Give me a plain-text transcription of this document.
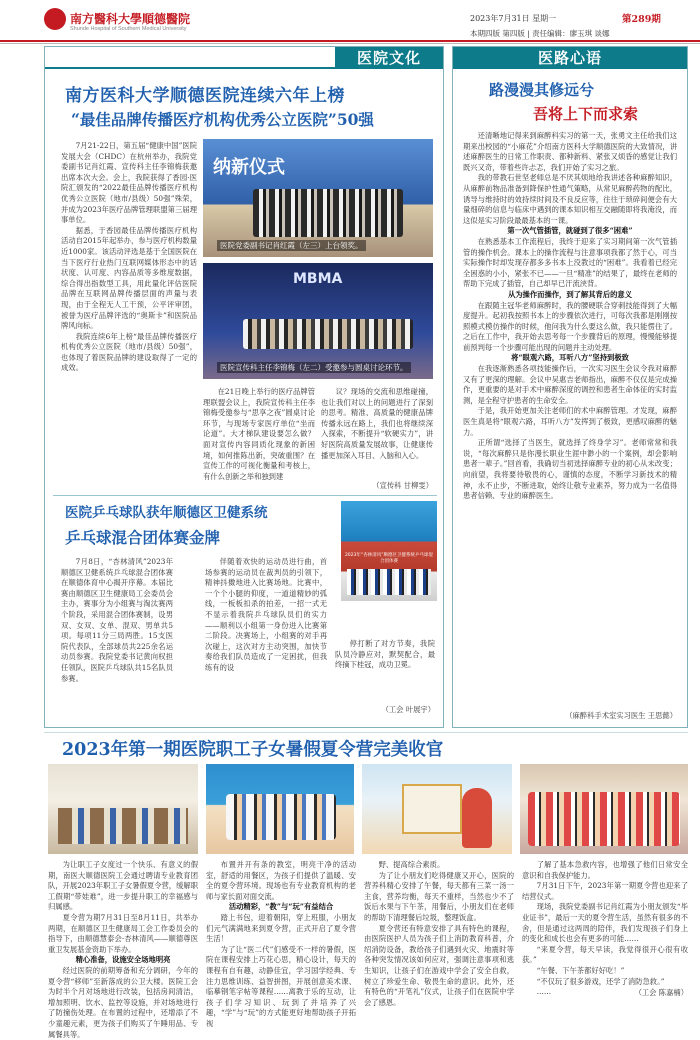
南方醫科大學順德醫院
Shunde Hospital of Southern Medical University
2023年7月31日 星期一	第289期
本期四版 第四版 | 责任编辑：廖玉琪 谈娜
医院文化
南方医科大学顺德医院连续六年上榜
“最佳品牌传播医疗机构优秀公立医院”50强

7月21-22日，第五届“健康中国”医院发展大会（CHDC）在杭州举办，我院党委副书记肖红霞、宣传科主任李锦梅获邀出席本次大会。会上，我院获得了香园·医院汇颁发的“2022最佳品牌传播医疗机构优秀公立医院（地市/县级）50强”殊荣，并成为2023年医疗品牌管理联盟第三届理事单位。

据悉，于香园最佳品牌传播医疗机构活动自2015年起举办，参与医疗机构数量近1000家。该活动评选是基于全国医院在当下医疗行业热门互联网媒体形态中的话状度、认可度、内容品质等多维度数据，综合得出指数型工具，用此量化评估医院品牌在互联网品牌传播层面的声量与表现，由于全程无人工干预，公平评审团，被誉为医疗品牌评选的“奥斯卡”和医院品牌风向标。

我院连续6年上榜“最佳品牌传播医疗机构优秀公立医院（地市/县级）50强”，也体现了着医院品牌的建设取得了一定的成效。

纳新仪式
医院党委副书记肖红霞（左三）上台领奖。
MBMA
医院宣传科主任李锦梅（左二）受邀参与圆桌讨论环节。

在21日晚上举行的医疗品牌管理联盟会议上，我院宣传科主任李锦梅受邀参与“思享之夜”圆桌讨论环节，与现场专家医疗单位“坐而论道”。大才梯队建设要怎么做？面对宣传内容同质化现象的新困境，如何推陈出新，突破重围？在宣传工作的可视化衡量和考核上，有什么创新之举和独到建

议？现场的交流和思维碰撞，也让我们对以上的问题进行了深刻的思考。精准、高质量的健康品牌传播永远在路上，我们也将继续深入探索，不断提升“软硬实力”，讲好医院高质量发展故事，让健康传播更加深入耳目、入脑和入心。

（宣传科 甘柳雯）
医院乒乓球队获年顺德区卫健系统
乒乓球混合团体赛金牌
2023年“杏林清风”顺德区卫健系统乒乓球混合团体赛

7月8日，“杏林清风”2023年顺德区卫健系统乒乓球混合团体赛在顺德体育中心揭开序幕。本届比赛由顺德区卫生健康局工会委员会主办，赛事分为小组赛与淘汰赛两个阶段，采用混合团体赛制，设男双、女双、女单、混双、男单共5项。每项11分三局两胜。15支医院代表队，全部球员共225余名运动员参赛。我院党委书记黄向权担任领队，医院乒乓球队共15名队员参赛。

伴随着欢快的运动员进行曲，首场参赛的运动员在裁判员的引领下，精神抖擞地进入比赛场地。比赛中，一个个小腿的仰度，一道道精妙的弧线，一板板扣杀的拍差，一招一式无不显示着我院乒乓球队员们的实力——顺利以小组第一身份进入比赛第二阶段。决赛场上，小组赛的对手再次碰上，这次对方主动突围，加快节奏给我们队员造成了一定困扰，但我练有的设

停打断了对方节奏，我院队员冷静应对，默契配合，最终摘下桂冠，成功卫冕。

（工会 叶展宇）
医路心语
路漫漫其修远兮
吾将上下而求索

还清晰地记得来到麻醉科实习的第一天，张勇文主任给我们这期来出校园的“小麻花”介绍南方医科大学顺德医院的大致情况，讲述麻醉医生的日常工作职责、都种新料、紧张又烦昏的感觉让我们既兴又奇，带着些许忐忑，我们开始了实习之旅。

我的带教石世坚老师总是不厌其烦地给我讲述各种麻醉知识，从麻醉前物品准备到降保护性通气策略，从常见麻醉药物的配比，诱导与维持时的效持续时间及不良反应等，往往于琐碎间便会有大量细碎的信息与临床中遇到的课本知识相互交融随即将我淹没，而这似是实习阶段最最基本的一课。

第一次气管插管，就碰到了很多“困难”

在熟悉基本工作流程后，我终于迎来了实习期间第一次气管插管的操作机会。课本上的操作流程与注意事项我都了然于心，可当实际操作时却发现存都多多书本上没教过的“困难”。我看着已经完全困惑的小小，紧张不已——一旦“精准”的结果了，最终在老师的帮助下完成了插管，自己却早已汗流浃背。

从为操作而操作，到了解其背后的意义

在跟随主冠华老师麻醉时，我的腰硬联合穿刺技能得到了大幅度提升。起初我按照书本上的步骤依次进行，可每次我都是刚刚按照模式模仿操作的时候，他问我为什么要这么做，我只能愣住了。之后在工作中，我开始去思考每一个步骤背后的原理，慢慢能够提前预判每一个步骤可能出现的问题并主动处理。

将“眼观六路，耳听八方”坚持到极致

在我逐渐熟悉各项技能操作后，一次实习医生会议令我对麻醉又有了更深的理解。会议中吴惠吉老师指出，麻醉不仅仅是完成操作，更重要的是对手术中麻醉深度的调控和患者生命体征的实时监测，是全程守护患者的生命安全。

于是，我开始更加关注老师们的术中麻醉管理。才发现，麻醉医生真是将“眼观六路，耳听八方”发挥到了极致，更感叹麻醉的魅力。

正所谓“选择了当医生，就选择了终身学习”。老师常常和我说，“每次麻醉只是你漫长职业生涯中渺小的一个案例，却会影响患者一辈子。”回首看，我确切当初选择麻醉专业的初心从未改变；向前望，我将要待敬畏的心，谨慎的态度，不断学习新技术的精神，永不止步，不断进取，始终让敬专业素养，努力成为一名值得患者信赖、专业的麻醉医生。

（麻醉科手术室实习医生 王思懿）
2023年第一期医院职工子女暑假夏令营完美收官

为让职工子女度过一个快乐、有意义的假期，南医大顺德医院工会通过聘请专业教育团队，开展2023年职工子女暑假夏令营，缓解职工假期“带娃难”，进一步提升职工的幸福感与归属感。

夏令营为期7月31日至8月11日，共举办两期，在顺德区卫生健康局工会工作委员会的指导下，由顺德慧泰会·杏林清风——顺德尊医重卫发展基金资助下举办。

精心准备，设施安全场地明亮

经过医院的前期筹备和充分调研，今年的夏令营“移师”至新落成的公卫大楼。医院工会为时半个月对场地进行改装，包括房间清洁，增加照明、饮水、监控等设施，并对场地进行了防撞伤处理。在布置的过程中，还增添了不少童趣元素，更为孩子们购买了午睡用品、专属餐具等。

布置并开有条的教室，明亮干净的活动室，舒适的用餐区，为孩子们提供了温暖、安全的夏令营环境。现场也有专业教育机构的老师与家长面对面交流。

活动精彩，“教”与“玩”有益结合

踏上书包，迎着朝阳，穿上班服，小朋友们元气满满地来到夏令营，正式开启了夏令营生活！

为了让“医二代”们感受不一样的暑假，医院在课程安排上巧花心思，精心设计，每天的课程有自有趣，动静佳宜，学习国学经典、专注力思维训练、益智拼图，开展创意美术课、临摹钢笔字帖等课程……离教于乐的互动，让孩子们学习知识、玩到了并培养了兴趣，“学”与“玩”的方式能更好地帮助孩子开拓视

野、提高综合素质。

为了让小朋友们吃得健康又开心，医院的营养科精心安排了午餐，每天都有三菜一汤一主食，营养均衡，每天不重样，当然也少不了饭后水果与下午茶，用餐后，小朋友们在老师的帮助下清理餐后垃圾，整理饭盒。

夏令营还有特意安排了具有特色的课程，由医院医护人员为孩子们上消防教育科普，介绍消防设备，教给孩子们遇到火灾、地震时等各种突发情况该如何应对，强调注意事项和逃生知识，让孩子们在游戏中学会了安全自救，树立了珍爱生命、敬畏生命的意识。此外，还有特色的“开笔礼”仪式，让孩子们在医院中学会了感恩。

了解了基本急救内容，也增强了他们日常安全意识和自我保护能力。

7月31日下午，2023年第一期夏令营也迎来了结营仪式。

现场，我院党委副书记肖红霞为小朋友颁发“毕业证书”，最后一天的夏令营生活，虽然有很多的不舍，但是通过这两周的陪伴，我们发现孩子们身上的变化和成长也会有更多的可能……

“来夏令营，每天早读，我觉得很开心很有收获。”

“午餐、下午茶都好好吃！”

“不仅玩了很多游戏，还学了消防急救。”

……	（工会 陈嘉楠）
